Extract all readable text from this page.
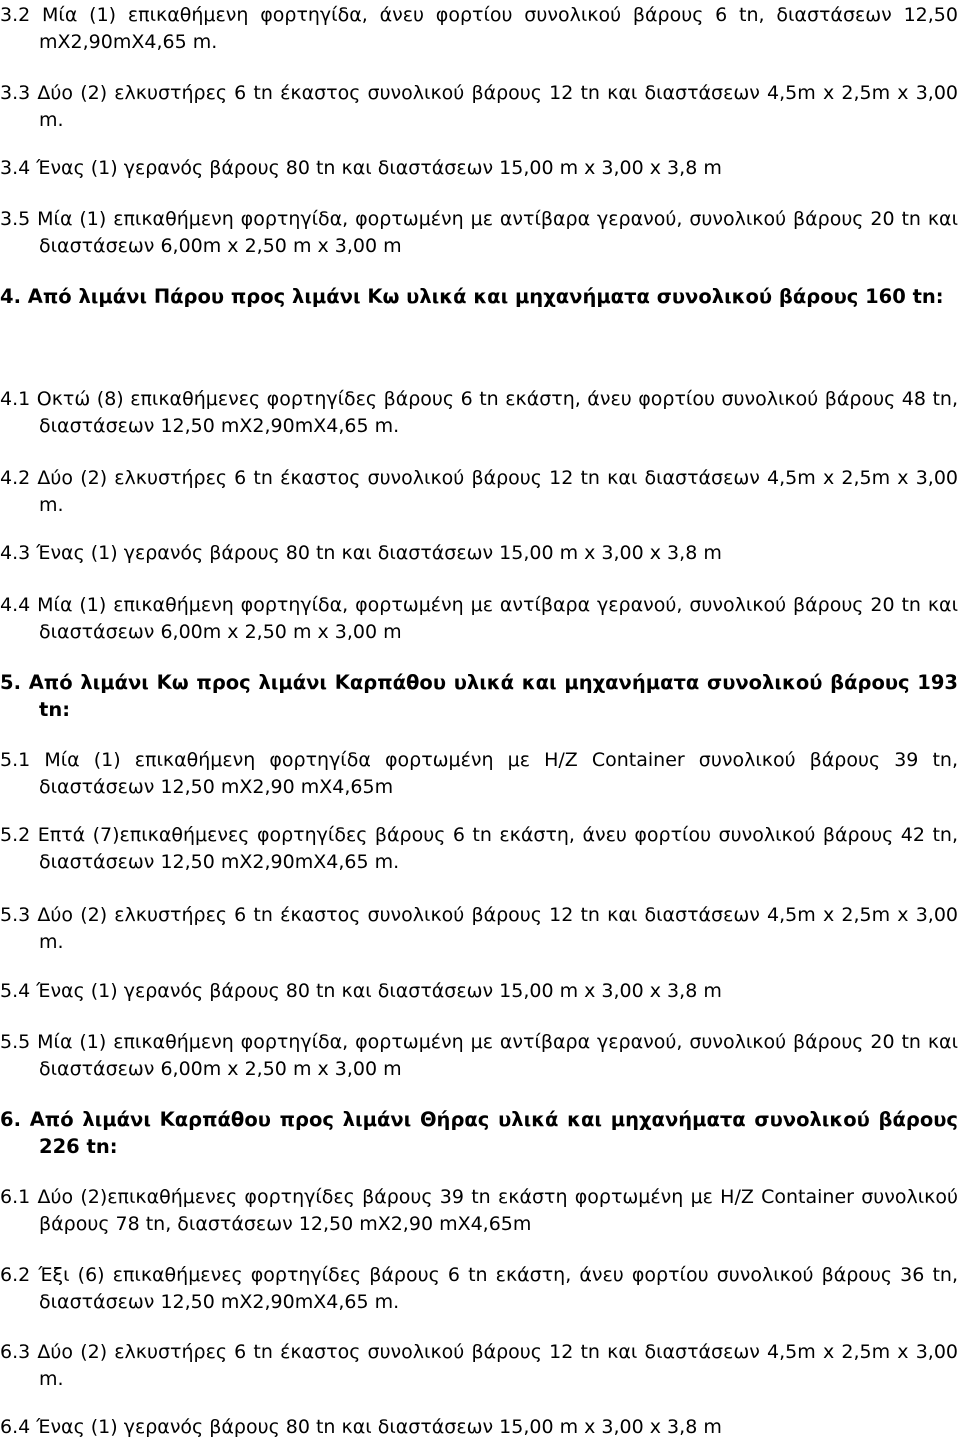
3.2 Μία (1) επικαθήμενη φορτηγίδα, άνευ φορτίου συνολικού βάρους 6 tn, διαστάσεων 12,50 mX2,90mX4,65 m.
3.3 Δύο (2) ελκυστήρες 6 tn έκαστος συνολικού βάρους 12 tn και διαστάσεων 4,5m x 2,5m x 3,00 m.
3.4 Ένας (1) γερανός βάρους 80 tn και διαστάσεων 15,00 m x 3,00 x 3,8 m
3.5 Μία (1) επικαθήμενη φορτηγίδα, φορτωμένη με αντίβαρα γερανού, συνολικού βάρους 20 tn και διαστάσεων 6,00m x 2,50 m x 3,00 m
4. Από λιμάνι Πάρου προς λιμάνι Κω υλικά και μηχανήματα συνολικού βάρους 160 tn:
4.1 Οκτώ (8) επικαθήμενες φορτηγίδες βάρους 6 tn εκάστη, άνευ φορτίου συνολικού βάρους 48 tn, διαστάσεων 12,50 mX2,90mX4,65 m.
4.2 Δύο (2) ελκυστήρες 6 tn έκαστος συνολικού βάρους 12 tn και διαστάσεων 4,5m x 2,5m x 3,00 m.
4.3 Ένας (1) γερανός βάρους 80 tn και διαστάσεων 15,00 m x 3,00 x 3,8 m
4.4 Μία (1) επικαθήμενη φορτηγίδα, φορτωμένη με αντίβαρα γερανού, συνολικού βάρους 20 tn και διαστάσεων 6,00m x 2,50 m x 3,00 m
5. Από λιμάνι Κω προς λιμάνι Καρπάθου υλικά και μηχανήματα συνολικού βάρους 193 tn:
5.1 Μία (1) επικαθήμενη φορτηγίδα φορτωμένη με H/Z Container συνολικού βάρους 39 tn, διαστάσεων 12,50 mX2,90 mX4,65m
5.2 Επτά (7)επικαθήμενες φορτηγίδες βάρους 6 tn εκάστη, άνευ φορτίου συνολικού βάρους 42 tn, διαστάσεων 12,50 mX2,90mX4,65 m.
5.3 Δύο (2) ελκυστήρες 6 tn έκαστος συνολικού βάρους 12 tn και διαστάσεων 4,5m x 2,5m x 3,00 m.
5.4 Ένας (1) γερανός βάρους 80 tn και διαστάσεων 15,00 m x 3,00 x 3,8 m
5.5 Μία (1) επικαθήμενη φορτηγίδα, φορτωμένη με αντίβαρα γερανού, συνολικού βάρους 20 tn και διαστάσεων 6,00m x 2,50 m x 3,00 m
6. Από λιμάνι Καρπάθου προς λιμάνι Θήρας υλικά και μηχανήματα συνολικού βάρους 226 tn:
6.1 Δύο (2)επικαθήμενες φορτηγίδες βάρους 39 tn εκάστη φορτωμένη με H/Z Container συνολικού βάρους 78 tn, διαστάσεων 12,50 mX2,90 mX4,65m
6.2 Έξι (6) επικαθήμενες φορτηγίδες βάρους 6 tn εκάστη, άνευ φορτίου συνολικού βάρους 36 tn, διαστάσεων 12,50 mX2,90mX4,65 m.
6.3 Δύο (2) ελκυστήρες 6 tn έκαστος συνολικού βάρους 12 tn και διαστάσεων 4,5m x 2,5m x 3,00 m.
6.4 Ένας (1) γερανός βάρους 80 tn και διαστάσεων 15,00 m x 3,00 x 3,8 m
